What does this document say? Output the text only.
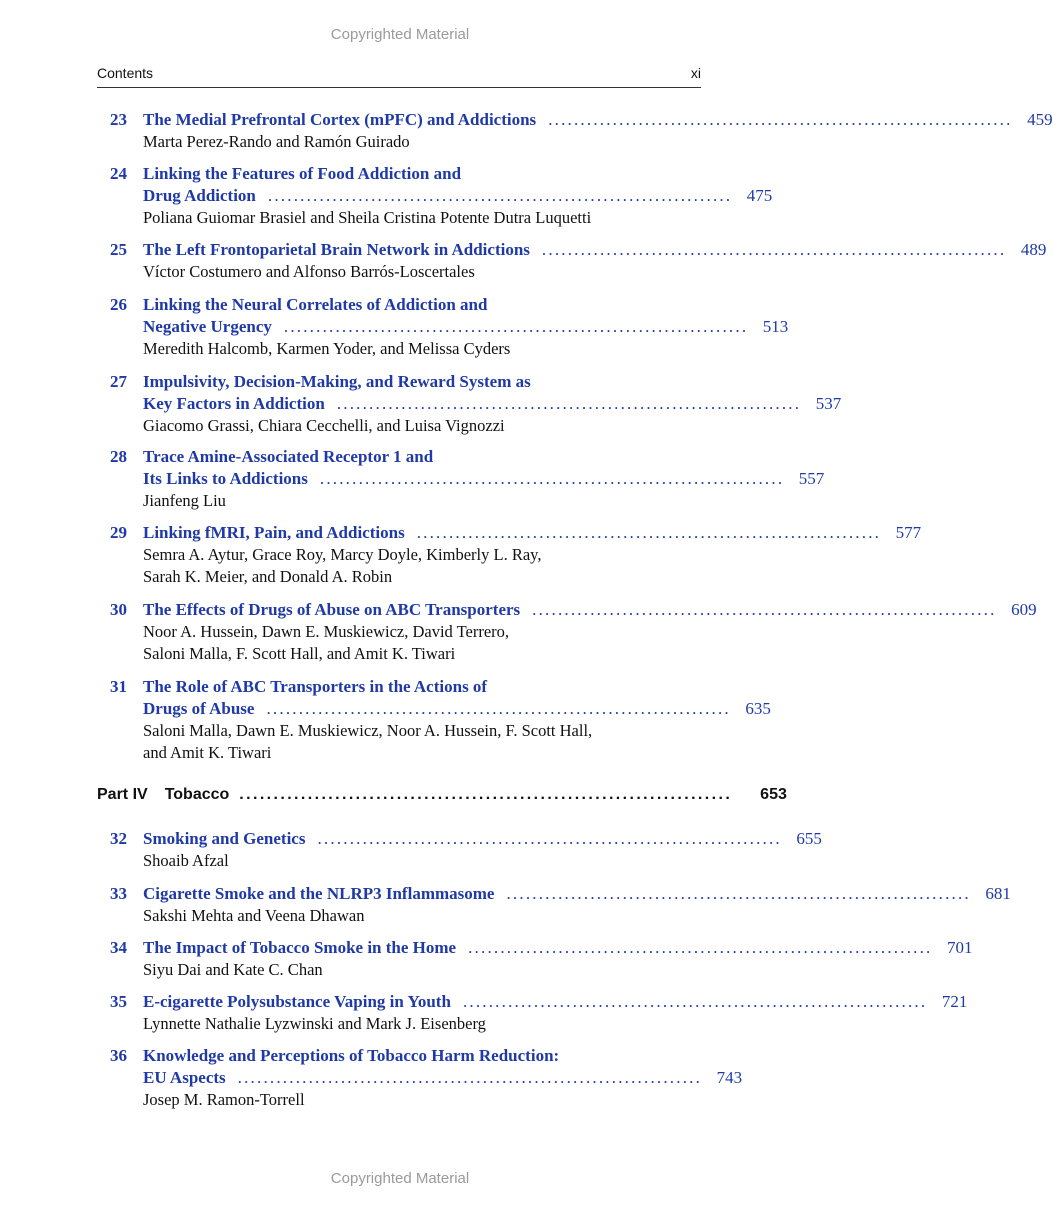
Copyrighted Material
Contents	xi
23 The Medial Prefrontal Cortex (mPFC) and Addictions ........................................................................ 459
Marta Perez-Rando and Ramón Guirado
24 Linking the Features of Food Addiction and
Drug Addiction ........................................................................ 475
Poliana Guiomar Brasiel and Sheila Cristina Potente Dutra Luquetti
25 The Left Frontoparietal Brain Network in Addictions ........................................................................ 489
Víctor Costumero and Alfonso Barrós-Loscertales
26 Linking the Neural Correlates of Addiction and
Negative Urgency ........................................................................ 513
Meredith Halcomb, Karmen Yoder, and Melissa Cyders
27 Impulsivity, Decision-Making, and Reward System as
Key Factors in Addiction ........................................................................ 537
Giacomo Grassi, Chiara Cecchelli, and Luisa Vignozzi
28 Trace Amine-Associated Receptor 1 and
Its Links to Addictions ........................................................................ 557
Jianfeng Liu
29 Linking fMRI, Pain, and Addictions ........................................................................ 577
Semra A. Aytur, Grace Roy, Marcy Doyle, Kimberly L. Ray,
Sarah K. Meier, and Donald A. Robin
30 The Effects of Drugs of Abuse on ABC Transporters ........................................................................ 609
Noor A. Hussein, Dawn E. Muskiewicz, David Terrero,
Saloni Malla, F. Scott Hall, and Amit K. Tiwari
31 The Role of ABC Transporters in the Actions of
Drugs of Abuse ........................................................................ 635
Saloni Malla, Dawn E. Muskiewicz, Noor A. Hussein, F. Scott Hall,
and Amit K. Tiwari
Part IV Tobacco ........................................................................ 653
32 Smoking and Genetics ........................................................................ 655
Shoaib Afzal
33 Cigarette Smoke and the NLRP3 Inflammasome ........................................................................ 681
Sakshi Mehta and Veena Dhawan
34 The Impact of Tobacco Smoke in the Home ........................................................................ 701
Siyu Dai and Kate C. Chan
35 E-cigarette Polysubstance Vaping in Youth ........................................................................ 721
Lynnette Nathalie Lyzwinski and Mark J. Eisenberg
36 Knowledge and Perceptions of Tobacco Harm Reduction:
EU Aspects ........................................................................ 743
Josep M. Ramon-Torrell
Copyrighted Material
